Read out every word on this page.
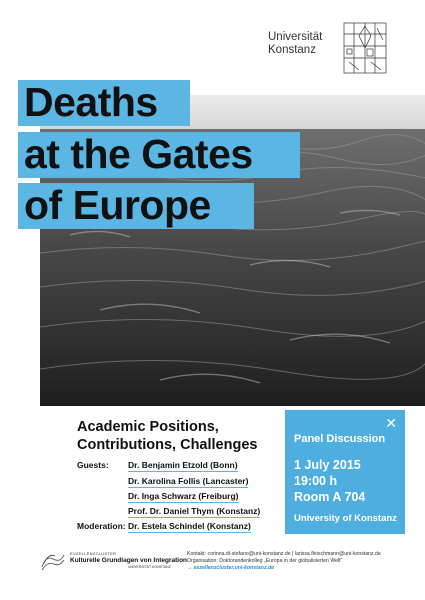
Universität
Konstanz
Deaths
at the Gates
of Europe
Academic Positions,
Contributions, Challenges
Guests: Dr. Benjamin Etzold (Bonn)
Dr. Karolina Follis (Lancaster)
Dr. Inga Schwarz (Freiburg)
Prof. Dr. Daniel Thym (Konstanz)
Moderation: Dr. Estela Schindel (Konstanz)
✕
Panel Discussion
1 July 2015
19:00 h
Room A 704
University of Konstanz
EXZELLENZCLUSTER
Kulturelle Grundlagen von Integration
UNIVERSITÄT KONSTANZ
Kontakt: corinna.di-stefano@uni-konstanz.de | larissa.fleischmann@uni-konstanz.de
Organisation: Doktorandenkolleg „Europa in der globalisierten Welt“
→ exzellenzcluster.uni-konstanz.de
